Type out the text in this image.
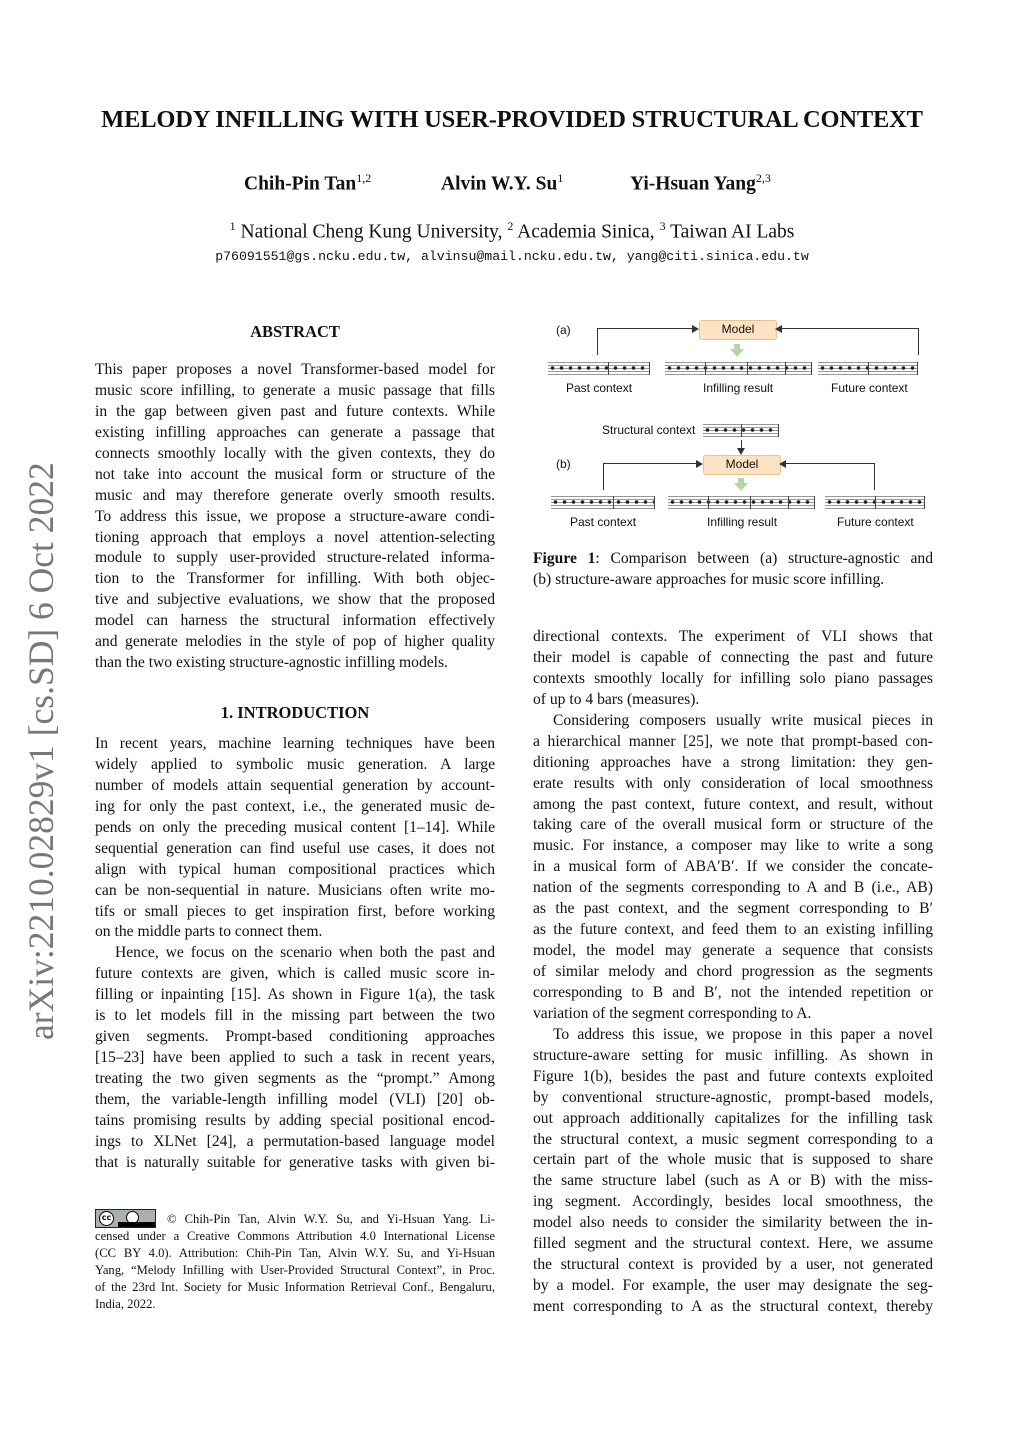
MELODY INFILLING WITH USER-PROVIDED STRUCTURAL CONTEXT
Chih-Pin Tan$^{1,2}$	Alvin W.Y. Su$^1$	Yi-Hsuan Yang$^{2,3}$
$^1$ National Cheng Kung University, $^2$ Academia Sinica, $^3$ Taiwan AI Labs
p76091551@gs.ncku.edu.tw, alvinsu@mail.ncku.edu.tw, yang@citi.sinica.edu.tw
arXiv:2210.02829v1 [cs.SD] 6 Oct 2022
ABSTRACT
This paper proposes a novel Transformer-based model for
music score infilling, to generate a music passage that fills
in the gap between given past and future contexts. While
existing infilling approaches can generate a passage that
connects smoothly locally with the given contexts, they do
not take into account the musical form or structure of the
music and may therefore generate overly smooth results.
To address this issue, we propose a structure-aware condi-
tioning approach that employs a novel attention-selecting
module to supply user-provided structure-related informa-
tion to the Transformer for infilling. With both objec-
tive and subjective evaluations, we show that the proposed
model can harness the structural information effectively
and generate melodies in the style of pop of higher quality
than the two existing structure-agnostic infilling models.
1. INTRODUCTION
In recent years, machine learning techniques have been
widely applied to symbolic music generation. A large
number of models attain sequential generation by account-
ing for only the past context, i.e., the generated music de-
pends on only the preceding musical content [1–14]. While
sequential generation can find useful use cases, it does not
align with typical human compositional practices which
can be non-sequential in nature. Musicians often write mo-
tifs or small pieces to get inspiration first, before working
on the middle parts to connect them.
Hence, we focus on the scenario when both the past and
future contexts are given, which is called music score in-
filling or inpainting [15]. As shown in Figure 1(a), the task
is to let models fill in the missing part between the two
given segments. Prompt-based conditioning approaches
[15–23] have been applied to such a task in recent years,
treating the two given segments as the “prompt.” Among
them, the variable-length infilling model (VLI) [20] ob-
tains promising results by adding special positional encod-
ings to XLNet [24], a permutation-based language model
that is naturally suitable for generative tasks with given bi-
directional contexts. The experiment of VLI shows that
their model is capable of connecting the past and future
contexts smoothly locally for infilling solo piano passages
of up to 4 bars (measures).
Considering composers usually write musical pieces in
a hierarchical manner [25], we note that prompt-based con-
ditioning approaches have a strong limitation: they gen-
erate results with only consideration of local smoothness
among the past context, future context, and result, without
taking care of the overall musical form or structure of the
music. For instance, a composer may like to write a song
in a musical form of ABA′B′. If we consider the concate-
nation of the segments corresponding to A and B (i.e., AB)
as the past context, and the segment corresponding to B′
as the future context, and feed them to an existing infilling
model, the model may generate a sequence that consists
of similar melody and chord progression as the segments
corresponding to B and B′, not the intended repetition or
variation of the segment corresponding to A.
To address this issue, we propose in this paper a novel
structure-aware setting for music infilling. As shown in
Figure 1(b), besides the past and future contexts exploited
by conventional structure-agnostic, prompt-based models,
out approach additionally capitalizes for the infilling task
the structural context, a music segment corresponding to a
certain part of the whole music that is supposed to share
the same structure label (such as A or B) with the miss-
ing segment. Accordingly, besides local smoothness, the
model also needs to consider the similarity between the in-
filled segment and the structural context. Here, we assume
the structural context is provided by a user, not generated
by a model. For example, the user may designate the seg-
ment corresponding to A as the structural context, thereby
(a)	Model
Past context	Infilling result	Future context
Structural context
(b)	Model
Past context	Infilling result	Future context
Figure 1: Comparison between (a) structure-agnostic and
(b) structure-aware approaches for music score infilling.
cc	© Chih-Pin Tan, Alvin W.Y. Su, and Yi-Hsuan Yang. Li-
censed under a Creative Commons Attribution 4.0 International License
(CC BY 4.0). Attribution: Chih-Pin Tan, Alvin W.Y. Su, and Yi-Hsuan
Yang, “Melody Infilling with User-Provided Structural Context”, in Proc.
of the 23rd Int. Society for Music Information Retrieval Conf., Bengaluru,
India, 2022.
